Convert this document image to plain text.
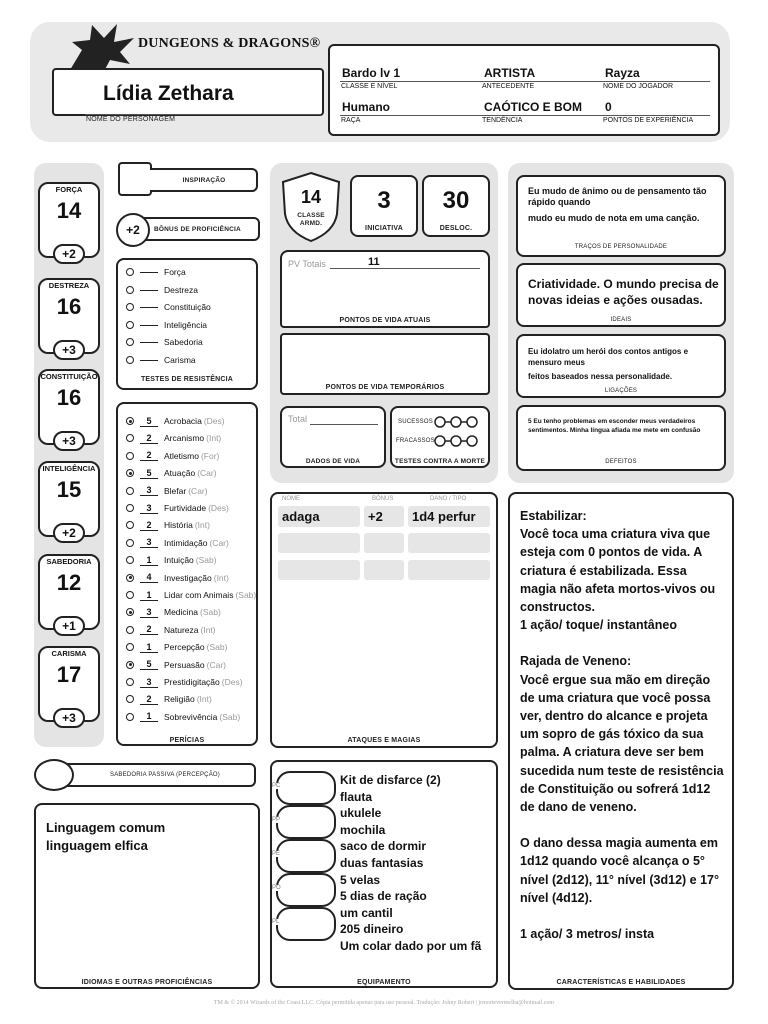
DUNGEONS & DRAGONS®
Lídia Zethara
NOME DO PERSONAGEM
Bardo lv 1
CLASSE E NÍVEL
ARTISTA
ANTECEDENTE
Rayza
NOME DO JOGADOR
Humano
RAÇA
CAÓTICO E BOM
TENDÊNCIA
0
PONTOS DE EXPERIÊNCIA
FORÇA
14
+2
DESTREZA
16
+3
CONSTITUIÇÃO
16
+3
INTELIGÊNCIA
15
+2
SABEDORIA
12
+1
CARISMA
17
+3
INSPIRAÇÃO
+2	BÔNUS DE PROFICIÊNCIA
Força
Destreza
Constituição
Inteligência
Sabedoria
Carisma
TESTES DE RESISTÊNCIA
5	Acrobacia (Des)
2	Arcanismo (Int)
2	Atletismo (For)
5	Atuação (Car)
3	Blefar (Car)
3	Furtividade (Des)
2	História (Int)
3	Intimidação (Car)
1	Intuição (Sab)
4	Investigação (Int)
1	Lidar com Animais (Sab)
3	Medicina (Sab)
2	Natureza (Int)
1	Percepção (Sab)
5	Persuasão (Car)
3	Prestidigitação (Des)
2	Religião (Int)
1	Sobrevivência (Sab)
PERÍCIAS
SABEDORIA PASSIVA (PERCEPÇÃO)
Linguagem comum
linguagem elfica
IDIOMAS E OUTRAS PROFICIÊNCIAS
14
CLASSE
ARMD.
3
INICIATIVA
30
DESLOC.
PV Totais	11
PONTOS DE VIDA ATUAIS
PONTOS DE VIDA TEMPORÁRIOS
Total
DADOS DE VIDA
SUCESSOS
FRACASSOS
TESTES CONTRA A MORTE
NOME	BÔNUS	DANO / TIPO
adaga	+2 1d4 perfur
ATAQUES E MAGIAS
PC
PP
PE
PO
PL
Kit de disfarce (2)
flauta
ukulele
mochila
saco de dormir
duas fantasias
5 velas
5 dias de ração
um cantil
205 dineiro
Um colar dado por um fã
EQUIPAMENTO
Eu mudo de ânimo ou de pensamento tão rápido quando
mudo eu mudo de nota em uma canção.
TRAÇOS DE PERSONALIDADE
Criatividade. O mundo precisa de novas ideias e ações ousadas.
IDEAIS
Eu idolatro um herói dos contos antigos e mensuro meus
feitos baseados nessa personalidade.
LIGAÇÕES
5 Eu tenho problemas em esconder meus verdadeiros sentimentos. Minha língua afiada me mete em confusão
DEFEITOS
Estabilizar:
Você toca uma criatura viva que esteja com 0 pontos de vida. A criatura é estabilizada. Essa magia não afeta mortos-vivos ou constructos.
1 ação/ toque/ instantâneo
Rajada de Veneno:
Você ergue sua mão em direção de uma criatura que você possa ver, dentro do alcance e projeta um sopro de gás tóxico da sua palma. A criatura deve ser bem sucedida num teste de resistência de Constituição ou sofrerá 1d12 de dano de veneno.
O dano dessa magia aumenta em 1d12 quando você alcança o 5° nível (2d12), 11° nível (3d12) e 17° nível (4d12).
1 ação/ 3 metros/ insta
CARACTERÍSTICAS E HABILIDADES
TM & © 2014 Wizards of the Coast LLC. Cópia permitida apenas para uso pessoal. Tradução: Johny Robert | jrmortevermelha@hotmail.com
